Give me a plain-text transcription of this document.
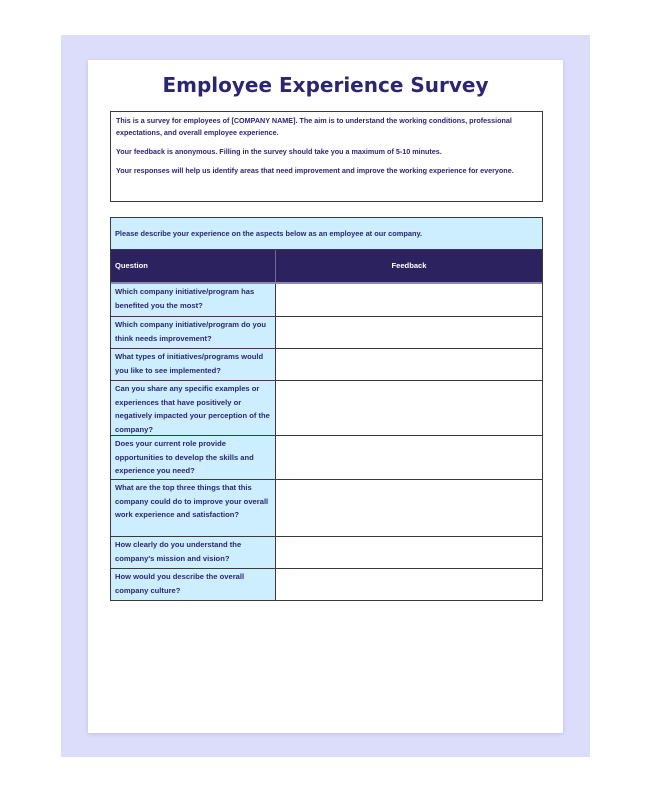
Employee Experience Survey

This is a survey for employees of [COMPANY NAME]. The aim is to understand the working conditions, professional expectations, and overall employee experience.

Your feedback is anonymous. Filling in the survey should take you a maximum of 5-10 minutes.

Your responses will help us identify areas that need improvement and improve the working experience for everyone.

Please describe your experience on the aspects below as an employee at our company.
Question	Feedback
Which company initiative/program has benefited you the most?
Which company initiative/program do you think needs improvement?
What types of initiatives/programs would you like to see implemented?
Can you share any specific examples or experiences that have positively or negatively impacted your perception of the company?
Does your current role provide opportunities to develop the skills and experience you need?
What are the top three things that this company could do to improve your overall work experience and satisfaction?
How clearly do you understand the company's mission and vision?
How would you describe the overall company culture?
